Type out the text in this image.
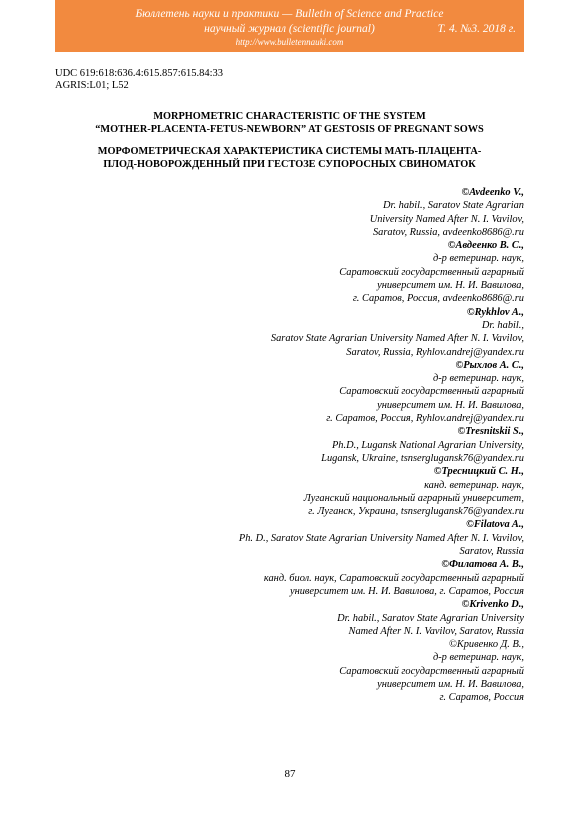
Бюллетень науки и практики — Bulletin of Science and Practice
научный журнал (scientific journal)	Т. 4. №3. 2018 г.
http://www.bulletennauki.com
UDC 619:618:636.4:615.857:615.84:33
AGRIS:L01; L52
MORPHOMETRIC CHARACTERISTIC OF THE SYSTEM
“MOTHER-PLACENTA-FETUS-NEWBORN” AT GESTOSIS OF PREGNANT SOWS
МОРФОМЕТРИЧЕСКАЯ ХАРАКТЕРИСТИКА СИСТЕМЫ МАТЬ-ПЛАЦЕНТА-
ПЛОД-НОВОРОЖДЕННЫЙ ПРИ ГЕСТОЗЕ СУПОРОСНЫХ СВИНОМАТОК
©Avdeenko V.,
Dr. habil., Saratov State Agrarian
University Named After N. I. Vavilov,
Saratov, Russia, avdeenko8686@.ru
©Авдеенко В. С.,
д-р ветеринар. наук,
Саратовский государственный аграрный
университет им. Н. И. Вавилова,
г. Саратов, Россия, avdeenko8686@.ru
©Rykhlov A.,
Dr. habil.,
Saratov State Agrarian University Named After N. I. Vavilov,
Saratov, Russia, Ryhlov.andrej@yandex.ru
©Рыхлов А. С.,
д-р ветеринар. наук,
Саратовский государственный аграрный
университет им. Н. И. Вавилова,
г. Саратов, Россия, Ryhlov.andrej@yandex.ru
©Tresnitskii S.,
Ph.D., Lugansk National Agrarian University,
Lugansk, Ukraine, tsnserglugansk76@yandex.ru
©Тресницкий С. Н.,
канд. ветеринар. наук,
Луганский национальный аграрный университет,
г. Луганск, Украина, tsnserglugansk76@yandex.ru
©Filatova A.,
Ph. D., Saratov State Agrarian University Named After N. I. Vavilov,
Saratov, Russia
©Филатова А. В.,
канд. биол. наук, Саратовский государственный аграрный
университет им. Н. И. Вавилова, г. Саратов, Россия
©Krivenko D.,
Dr. habil., Saratov State Agrarian University
Named After N. I. Vavilov, Saratov, Russia
©Кривенко Д. В.,
д-р ветеринар. наук,
Саратовский государственный аграрный
университет им. Н. И. Вавилова,
г. Саратов, Россия
87
